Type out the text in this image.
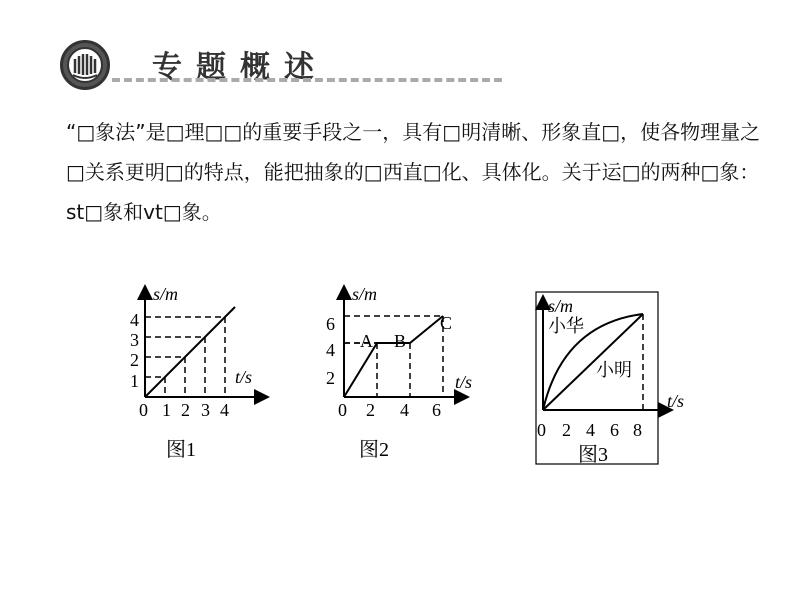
专题概述
“□象法”是□理□□的重要手段之一，具有□明清晰、形象直□，使各物理量之□关系更明□的特点，能把抽象的□西直□化、具体化。关于运□的两种□象：st□象和vt□象。
s/m
t/s
0 1 2 3 4
1
2
3
4
图1
s/m
t/s
0 2 4 6
2
4
6
A B
C
图2
s/m
t/s
小华
小明
0 2 4 6 8
图3
